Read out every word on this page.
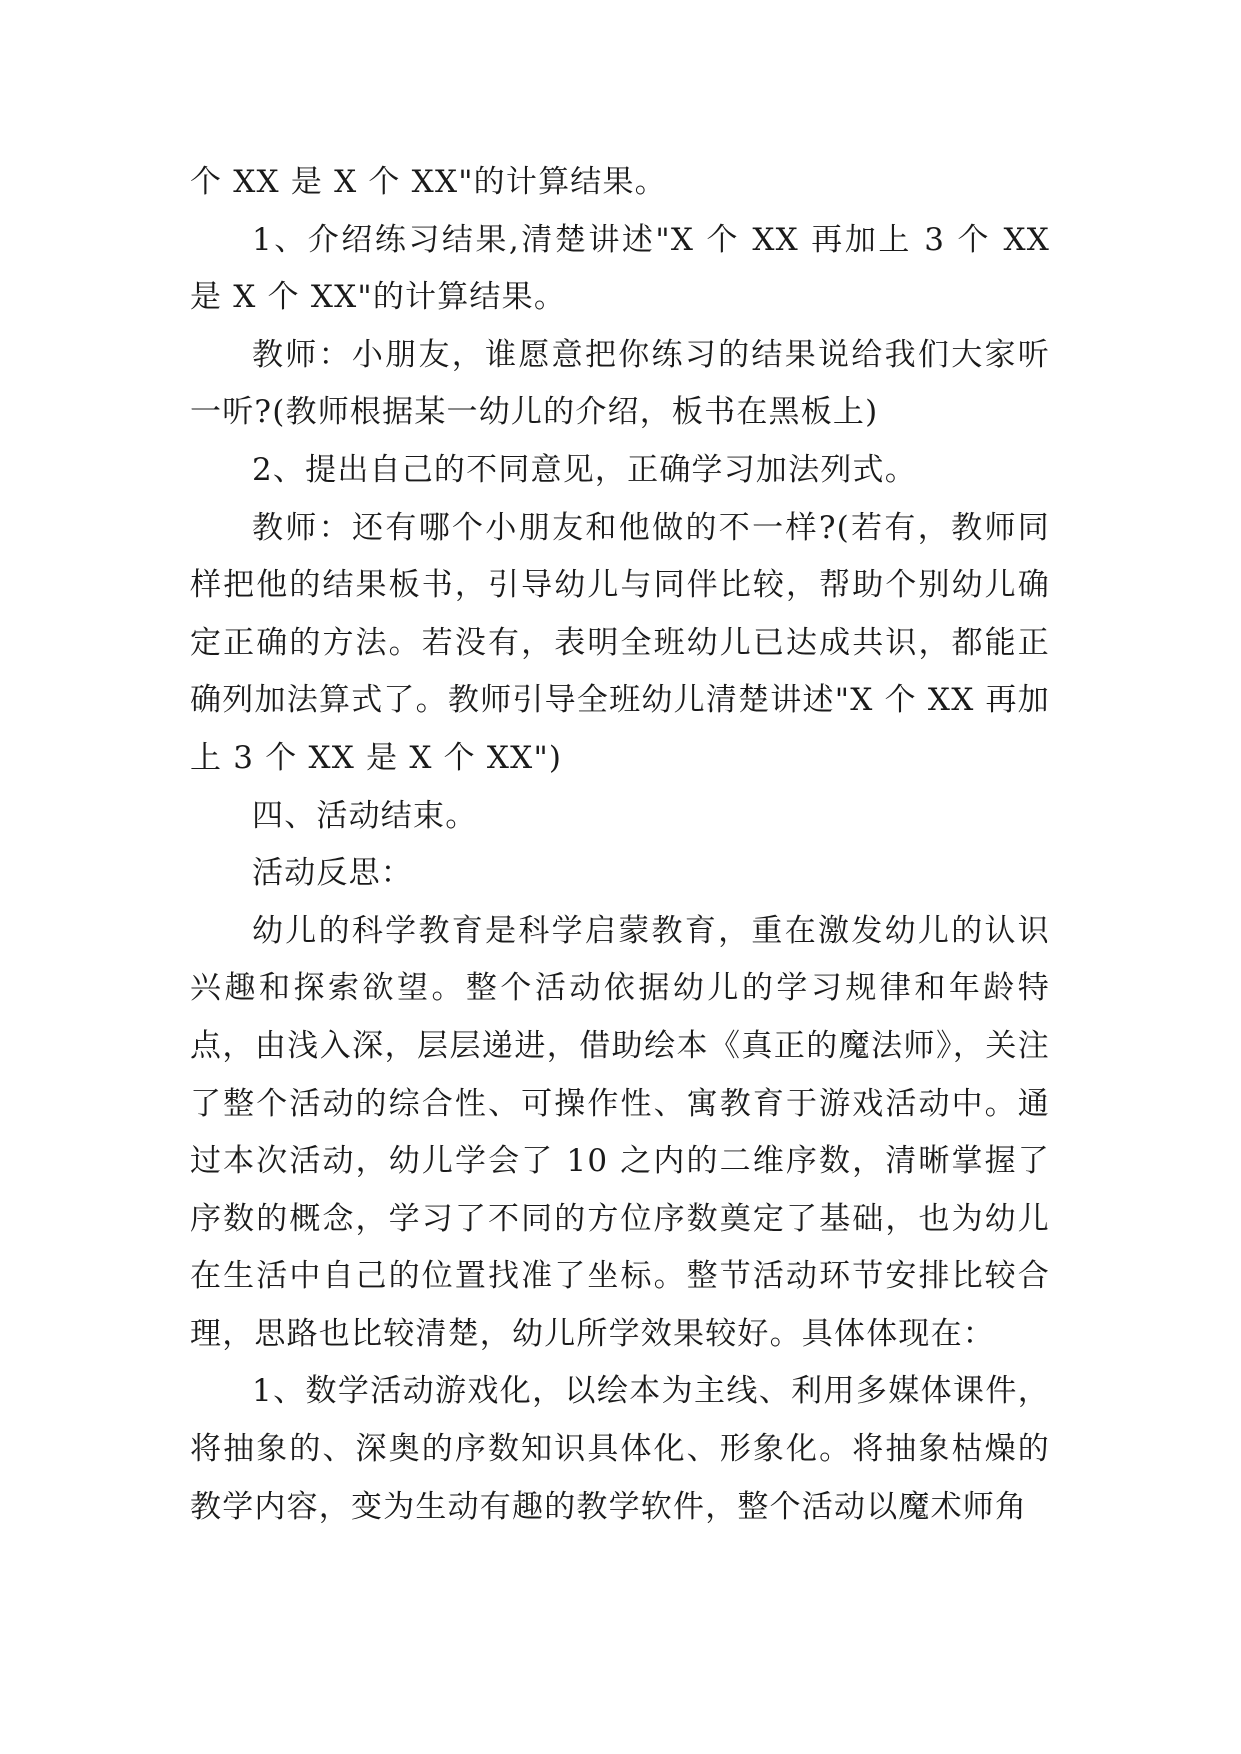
个 XX 是 X 个 XX"的计算结果。

1、介绍练习结果,清楚讲述"X 个 XX 再加上 3 个 XX 是 X 个 XX"的计算结果。

教师：小朋友，谁愿意把你练习的结果说给我们大家听一听?(教师根据某一幼儿的介绍，板书在黑板上)

2、提出自己的不同意见，正确学习加法列式。

教师：还有哪个小朋友和他做的不一样?(若有，教师同样把他的结果板书，引导幼儿与同伴比较，帮助个别幼儿确定正确的方法。若没有，表明全班幼儿已达成共识，都能正确列加法算式了。教师引导全班幼儿清楚讲述"X 个 XX 再加上 3 个 XX 是 X 个 XX")

四、活动结束。

活动反思：

幼儿的科学教育是科学启蒙教育，重在激发幼儿的认识兴趣和探索欲望。整个活动依据幼儿的学习规律和年龄特点，由浅入深，层层递进，借助绘本《真正的魔法师》，关注了整个活动的综合性、可操作性、寓教育于游戏活动中。通过本次活动，幼儿学会了 10 之内的二维序数，清晰掌握了序数的概念，学习了不同的方位序数奠定了基础，也为幼儿在生活中自己的位置找准了坐标。整节活动环节安排比较合理，思路也比较清楚，幼儿所学效果较好。具体体现在：

1、数学活动游戏化，以绘本为主线、利用多媒体课件，将抽象的、深奥的序数知识具体化、形象化。将抽象枯燥的教学内容，变为生动有趣的教学软件，整个活动以魔术师角
